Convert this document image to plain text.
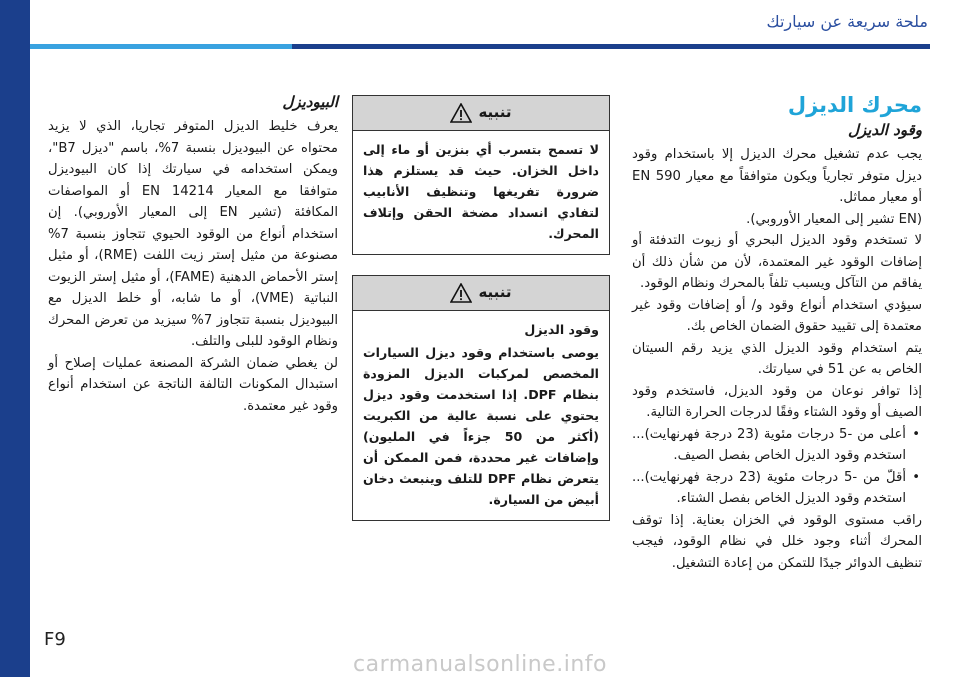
ملحة سريعة عن سيارتك
محرك الديزل
وقود الديزل

يجب عدم تشغيل محرك الديزل إلا باستخدام وقود ديزل متوفر تجارياً ويكون متوافقاً مع معيار EN 590 أو معيار مماثل.

(EN تشير إلى المعيار الأوروبي).

لا تستخدم وقود الديزل البحري أو زيوت التدفئة أو إضافات الوقود غير المعتمدة، لأن من شأن ذلك أن يفاقم من التآكل ويسبب تلفاً بالمحرك ونظام الوقود.

سيؤدي استخدام أنواع وقود و/ أو إضافات وقود غير معتمدة إلى تقييد حقوق الضمان الخاص بك.

يتم استخدام وقود الديزل الذي يزيد رقم السيتان الخاص به عن 51 في سيارتك.

إذا توافر نوعان من وقود الديزل، فاستخدم وقود الصيف أو وقود الشتاء وفقًا لدرجات الحرارة التالية.

• أعلى من -5 درجات مئوية (23 درجة فهرنهايت)... استخدم وقود الديزل الخاص بفصل الصيف.
• أقلّ من -5 درجات مئوية (23 درجة فهرنهايت)... استخدم وقود الديزل الخاص بفصل الشتاء.

راقب مستوى الوقود في الخزان بعناية. إذا توقف المحرك أثناء وجود خلل في نظام الوقود، فيجب تنظيف الدوائر جيدًا للتمكن من إعادة التشغيل.

تنبيه
لا تسمح بتسرب أي بنزين أو ماء إلى داخل الخزان. حيث قد يستلزم هذا ضرورة تفريغها وتنظيف الأنابيب لتفادي انسداد مضخة الحقن وإتلاف المحرك.
تنبيه
وقود الديزل
يوصى باستخدام وقود ديزل السيارات المخصص لمركبات الديزل المزودة بنظام DPF. إذا استخدمت وقود ديزل يحتوي على نسبة عالية من الكبريت (أكثر من 50 جزءاً في المليون) وإضافات غير محددة، فمن الممكن أن يتعرض نظام DPF للتلف وينبعث دخان أبيض من السيارة.
البيوديزل

يعرف خليط الديزل المتوفر تجاريا، الذي لا يزيد محتواه عن البيوديزل بنسبة 7%، باسم "ديزل B7"، ويمكن استخدامه في سيارتك إذا كان البيوديزل متوافقا مع المعيار EN 14214 أو المواصفات المكافئة (تشير EN إلى المعيار الأوروبي). إن استخدام أنواع من الوقود الحيوي تتجاوز بنسبة 7% مصنوعة من مثيل إستر زيت اللفت (RME)، أو مثيل إستر الأحماض الدهنية (FAME)، أو مثيل إستر الزيوت النباتية (VME)، أو ما شابه، أو خلط الديزل مع البيوديزل بنسبة تتجاوز 7% سيزيد من تعرض المحرك ونظام الوقود للبلى والتلف.

لن يغطي ضمان الشركة المصنعة عمليات إصلاح أو استبدال المكونات التالفة الناتجة عن استخدام أنواع وقود غير معتمدة.

F9
carmanualsonline.info
